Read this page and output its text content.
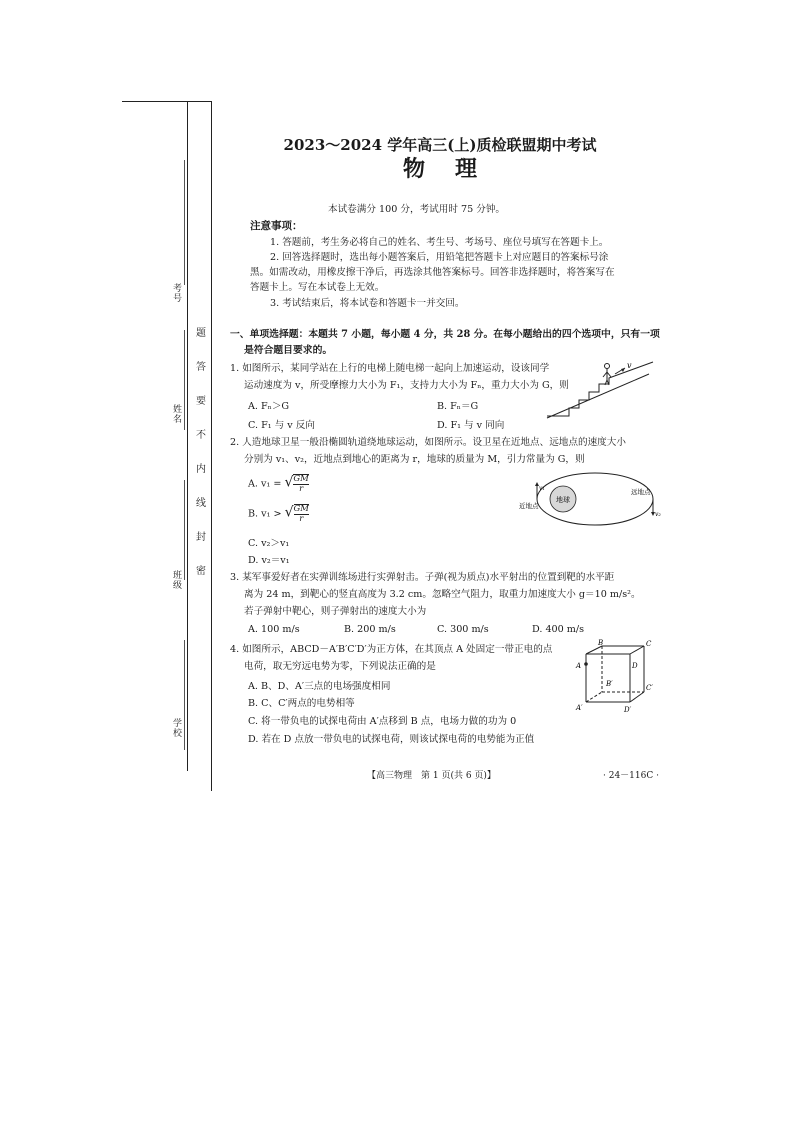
考号
姓名
班级
学校
题
答
要
不
内
线
封
密
2023～2024 学年高三(上)质检联盟期中考试
物理
本试卷满分 100 分，考试用时 75 分钟。
注意事项：
1. 答题前，考生务必将自己的姓名、考生号、考场号、座位号填写在答题卡上。
2. 回答选择题时，选出每小题答案后，用铅笔把答题卡上对应题目的答案标号涂
黑。如需改动，用橡皮擦干净后，再选涂其他答案标号。回答非选择题时，将答案写在
答题卡上。写在本试卷上无效。
3. 考试结束后，将本试卷和答题卡一并交回。
一、单项选择题：本题共 7 小题，每小题 4 分，共 28 分。在每小题给出的四个选项中，只有一项
是符合题目要求的。
1. 如图所示，某同学站在上行的电梯上随电梯一起向上加速运动，设该同学
运动速度为 v，所受摩擦力大小为 F₁，支持力大小为 Fₙ，重力大小为 G，则
A. Fₙ＞G	B. Fₙ＝G
C. F₁ 与 v 反向	D. F₁ 与 v 同向
v
2. 人造地球卫星一般沿椭圆轨道绕地球运动，如图所示。设卫星在近地点、远地点的速度大小
分别为 v₁、v₂，近地点到地心的距离为 r，地球的质量为 M，引力常量为 G，则
A. v₁ = √ $\frac{GM}{r}$
B. v₁ > √ $\frac{GM}{r}$
C. v₂＞v₁
D. v₂＝v₁
地球
v₁
v₂
近地点
远地点
3. 某军事爱好者在实弹训练场进行实弹射击。子弹(视为质点)水平射出的位置到靶的水平距
离为 24 m，到靶心的竖直高度为 3.2 cm。忽略空气阻力，取重力加速度大小 g＝10 m/s²。
若子弹射中靶心，则子弹射出的速度大小为
A. 100 m/s	B. 200 m/s	C. 300 m/s	D. 400 m/s
4. 如图所示，ABCD－A′B′C′D′为正方体，在其顶点 A 处固定一带正电的点
电荷，取无穷远电势为零，下列说法正确的是
A. B、D、A′三点的电场强度相同
B. C、C′两点的电势相等
C. 将一带负电的试探电荷由 A′点移到 B 点，电场力做的功为 0
D. 若在 D 点放一带负电的试探电荷，则该试探电荷的电势能为正值
B	C
A	D
B′	C′
A′	D′
【高三物理　第 1 页(共 6 页)】	· 24－116C ·
